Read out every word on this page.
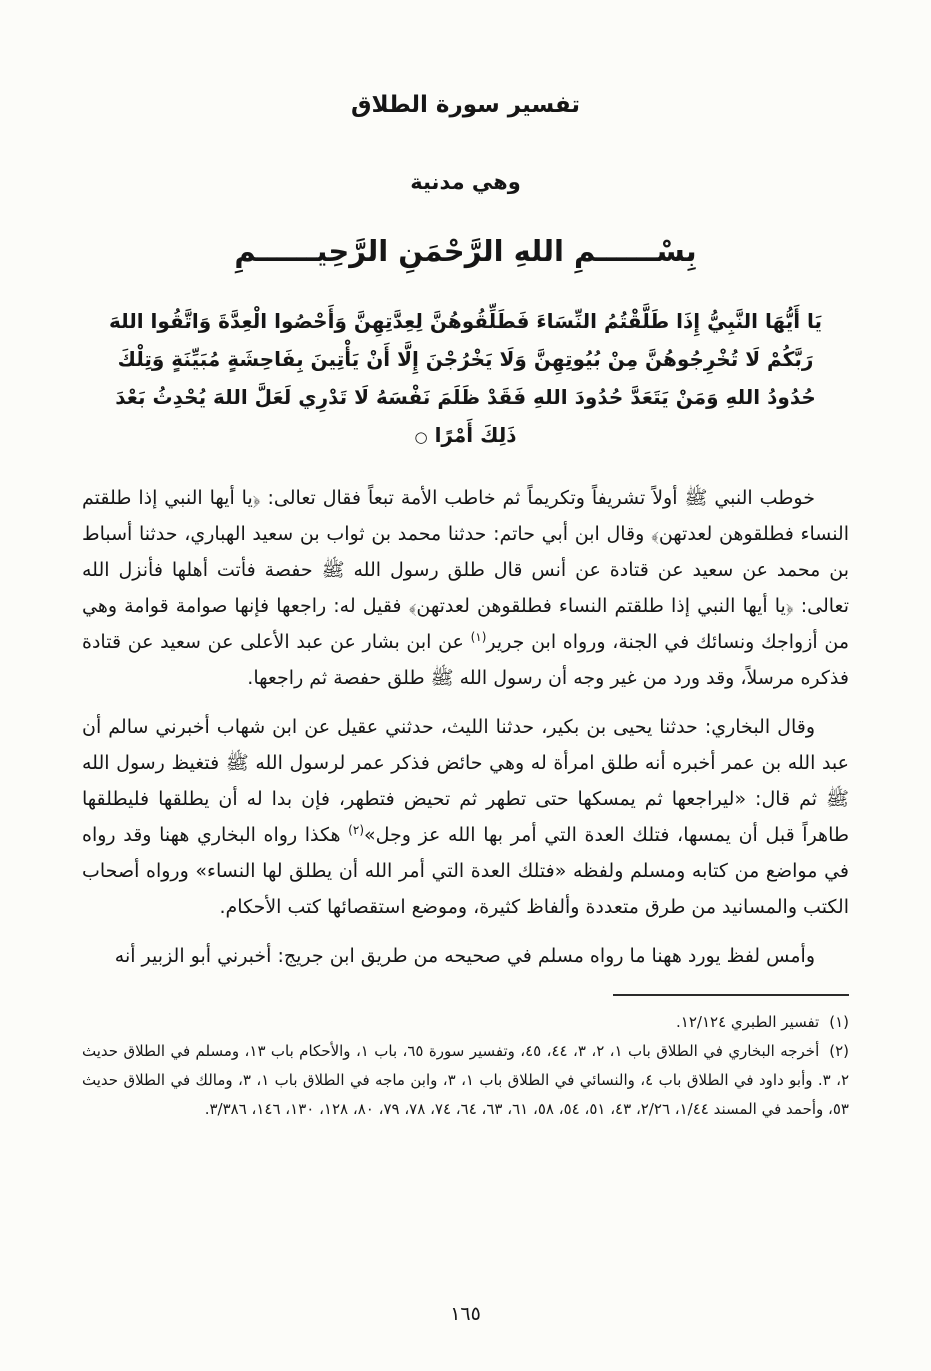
تفسير سورة الطلاق
وهي مدنية
بِسْــــــمِ اللهِ الرَّحْمَنِ الرَّحِيــــــمِ
يَا أَيُّهَا النَّبِيُّ إِذَا طَلَّقْتُمُ النِّسَاءَ فَطَلِّقُوهُنَّ لِعِدَّتِهِنَّ وَأَحْصُوا الْعِدَّةَ وَاتَّقُوا اللهَ رَبَّكُمْ لَا تُخْرِجُوهُنَّ مِنْ بُيُوتِهِنَّ وَلَا يَخْرُجْنَ إِلَّا أَنْ يَأْتِينَ بِفَاحِشَةٍ مُبَيِّنَةٍ وَتِلْكَ حُدُودُ اللهِ وَمَنْ يَتَعَدَّ حُدُودَ اللهِ فَقَدْ ظَلَمَ نَفْسَهُ لَا تَدْرِي لَعَلَّ اللهَ يُحْدِثُ بَعْدَ ذَلِكَ أَمْرًا ○

خوطب النبي ﷺ أولاً تشريفاً وتكريماً ثم خاطب الأمة تبعاً فقال تعالى: ﴿يا أيها النبي إذا طلقتم النساء فطلقوهن لعدتهن﴾ وقال ابن أبي حاتم: حدثنا محمد بن ثواب بن سعيد الهباري، حدثنا أسباط بن محمد عن سعيد عن قتادة عن أنس قال طلق رسول الله ﷺ حفصة فأتت أهلها فأنزل الله تعالى: ﴿يا أيها النبي إذا طلقتم النساء فطلقوهن لعدتهن﴾ فقيل له: راجعها فإنها صوامة قوامة وهي من أزواجك ونسائك في الجنة، ورواه ابن جرير$^{(١)}$ عن ابن بشار عن عبد الأعلى عن سعيد عن قتادة فذكره مرسلاً، وقد ورد من غير وجه أن رسول الله ﷺ طلق حفصة ثم راجعها.

وقال البخاري: حدثنا يحيى بن بكير، حدثنا الليث، حدثني عقيل عن ابن شهاب أخبرني سالم أن عبد الله بن عمر أخبره أنه طلق امرأة له وهي حائض فذكر عمر لرسول الله ﷺ فتغيظ رسول الله ﷺ ثم قال: «ليراجعها ثم يمسكها حتى تطهر ثم تحيض فتطهر، فإن بدا له أن يطلقها فليطلقها طاهراً قبل أن يمسها، فتلك العدة التي أمر بها الله عز وجل»$^{(٢)}$ هكذا رواه البخاري ههنا وقد رواه في مواضع من كتابه ومسلم ولفظه «فتلك العدة التي أمر الله أن يطلق لها النساء» ورواه أصحاب الكتب والمسانيد من طرق متعددة وألفاظ كثيرة، وموضع استقصائها كتب الأحكام.

وأمس لفظ يورد ههنا ما رواه مسلم في صحيحه من طريق ابن جريج: أخبرني أبو الزبير أنه

(١)تفسير الطبري ١٢/١٢٤.
(٢)أخرجه البخاري في الطلاق باب ١، ٢، ٣، ٤٤، ٤٥، وتفسير سورة ٦٥، باب ١، والأحكام باب ١٣، ومسلم في الطلاق حديث ٢، ٣. وأبو داود في الطلاق باب ٤، والنسائي في الطلاق باب ١، ٣، وابن ماجه في الطلاق باب ١، ٣، ومالك في الطلاق حديث ٥٣، وأحمد في المسند ١/٤٤، ٢/٢٦، ٤٣، ٥١، ٥٤، ٥٨، ٦١، ٦٣، ٦٤، ٧٤، ٧٨، ٧٩، ٨٠، ١٢٨، ١٣٠، ١٤٦، ٣/٣٨٦.
١٦٥
